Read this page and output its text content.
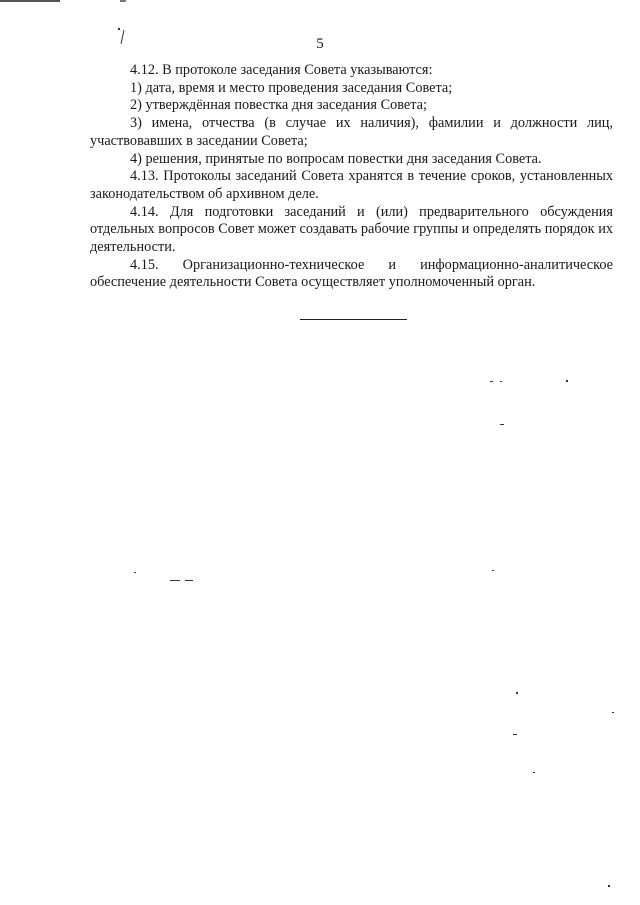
5

4.12. В протоколе заседания Совета указываются:

1) дата, время и место проведения заседания Совета;

2) утверждённая повестка дня заседания Совета;

3) имена, отчества (в случае их наличия), фамилии и должности лиц, участвовавших в заседании Совета;

4) решения, принятые по вопросам повестки дня заседания Совета.

4.13. Протоколы заседаний Совета хранятся в течение сроков, установленных законодательством об архивном деле.

4.14. Для подготовки заседаний и (или) предварительного обсуждения отдельных вопросов Совет может создавать рабочие группы и определять порядок их деятельности.

4.15. Организационно-техническое и информационно-аналитическое обеспечение деятельности Совета осуществляет уполномоченный орган.
